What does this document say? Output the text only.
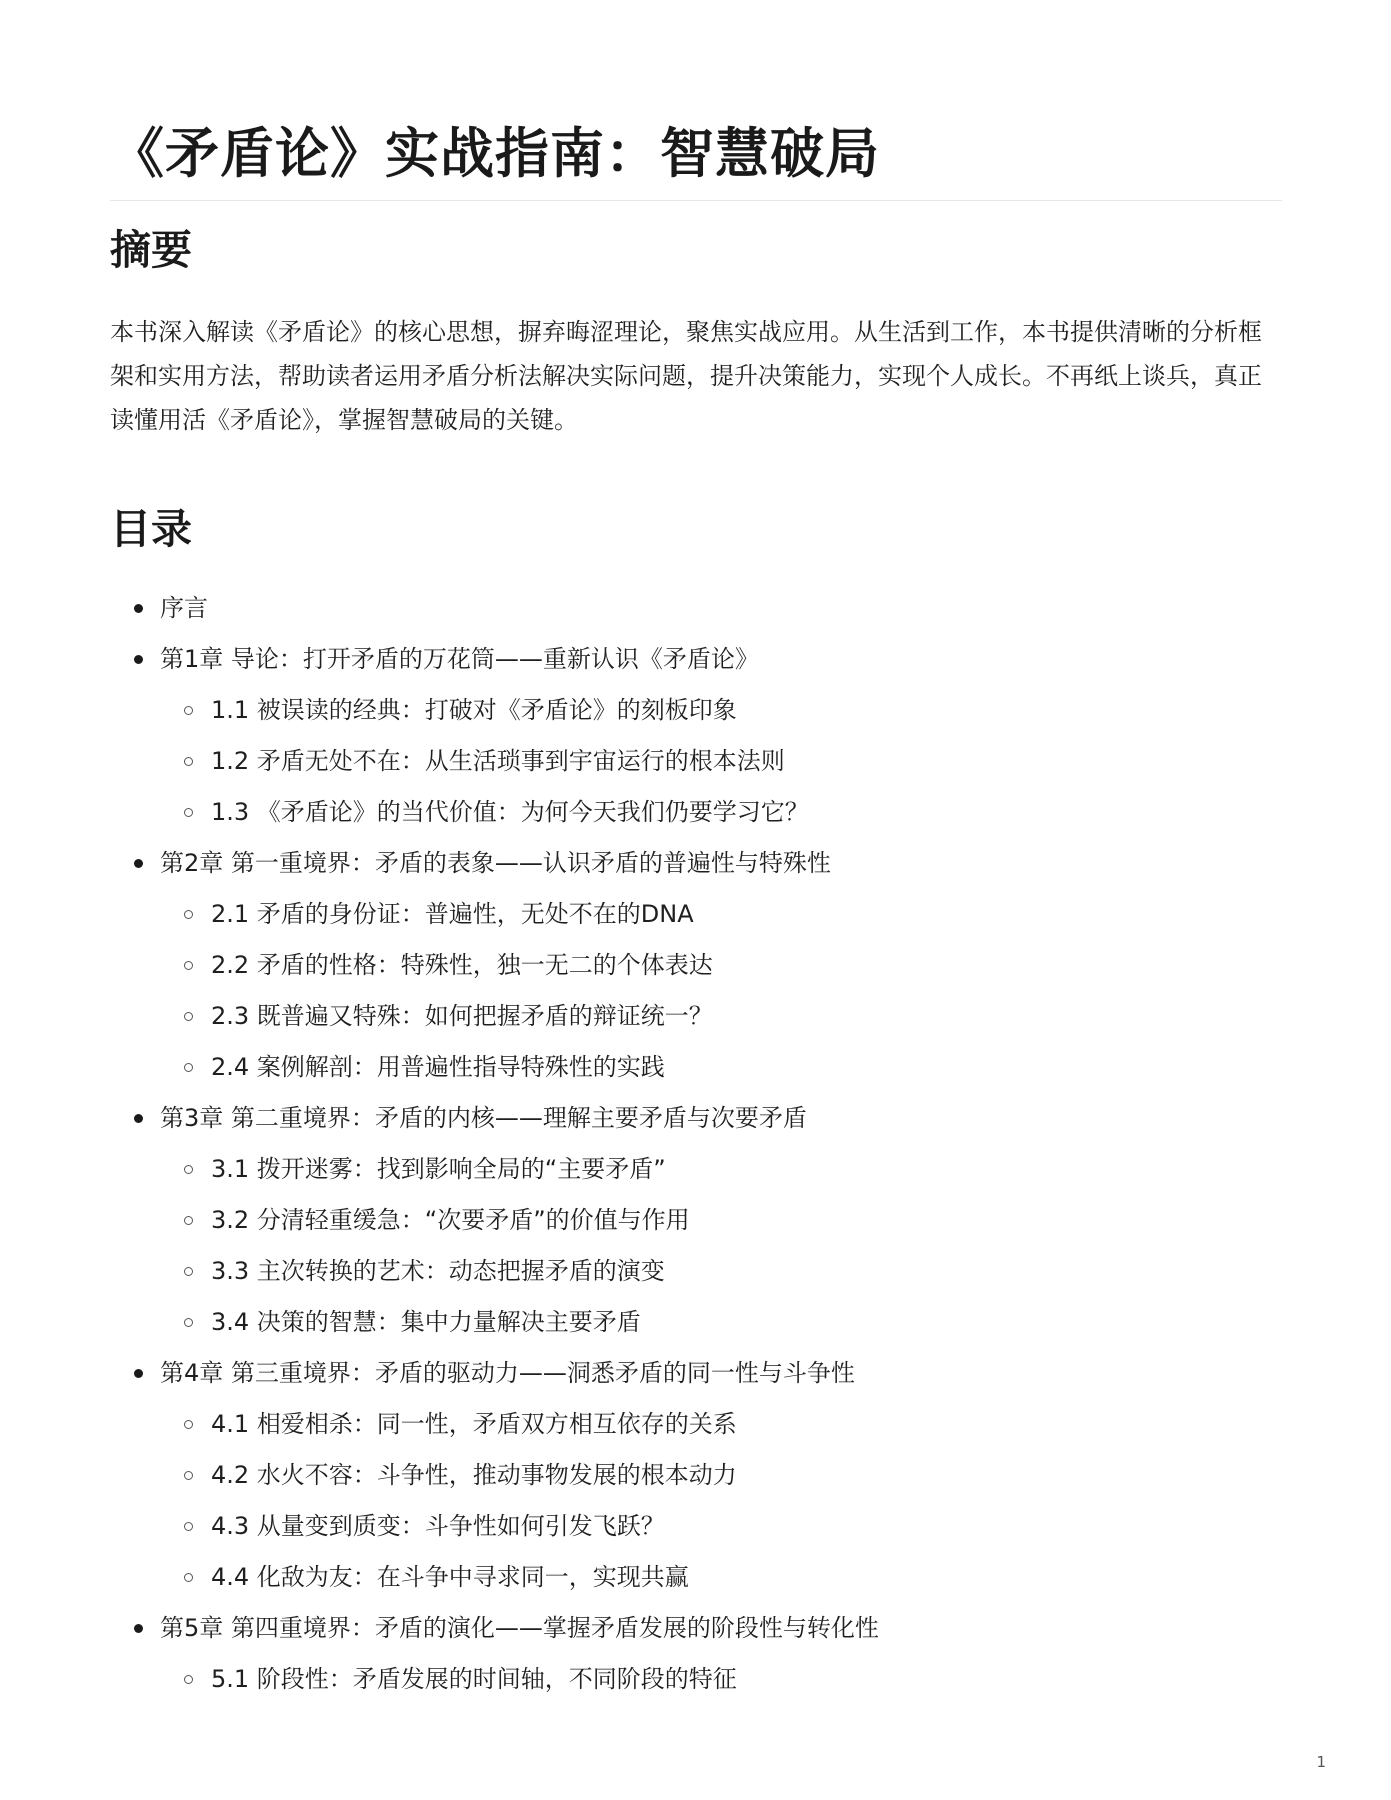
《矛盾论》实战指南：智慧破局
摘要

本书深入解读《矛盾论》的核心思想，摒弃晦涩理论，聚焦实战应用。从生活到工作，本书提供清晰的分析框架和实用方法，帮助读者运用矛盾分析法解决实际问题，提升决策能力，实现个人成长。不再纸上谈兵，真正读懂用活《矛盾论》，掌握智慧破局的关键。

目录
序言
第1章 导论：打开矛盾的万花筒——重新认识《矛盾论》
1.1 被误读的经典：打破对《矛盾论》的刻板印象
1.2 矛盾无处不在：从生活琐事到宇宙运行的根本法则
1.3 《矛盾论》的当代价值：为何今天我们仍要学习它？
第2章 第一重境界：矛盾的表象——认识矛盾的普遍性与特殊性
2.1 矛盾的身份证：普遍性，无处不在的DNA
2.2 矛盾的性格：特殊性，独一无二的个体表达
2.3 既普遍又特殊：如何把握矛盾的辩证统一？
2.4 案例解剖：用普遍性指导特殊性的实践
第3章 第二重境界：矛盾的内核——理解主要矛盾与次要矛盾
3.1 拨开迷雾：找到影响全局的“主要矛盾”
3.2 分清轻重缓急：“次要矛盾”的价值与作用
3.3 主次转换的艺术：动态把握矛盾的演变
3.4 决策的智慧：集中力量解决主要矛盾
第4章 第三重境界：矛盾的驱动力——洞悉矛盾的同一性与斗争性
4.1 相爱相杀：同一性，矛盾双方相互依存的关系
4.2 水火不容：斗争性，推动事物发展的根本动力
4.3 从量变到质变：斗争性如何引发飞跃？
4.4 化敌为友：在斗争中寻求同一，实现共赢
第5章 第四重境界：矛盾的演化——掌握矛盾发展的阶段性与转化性
5.1 阶段性：矛盾发展的时间轴，不同阶段的特征
1
